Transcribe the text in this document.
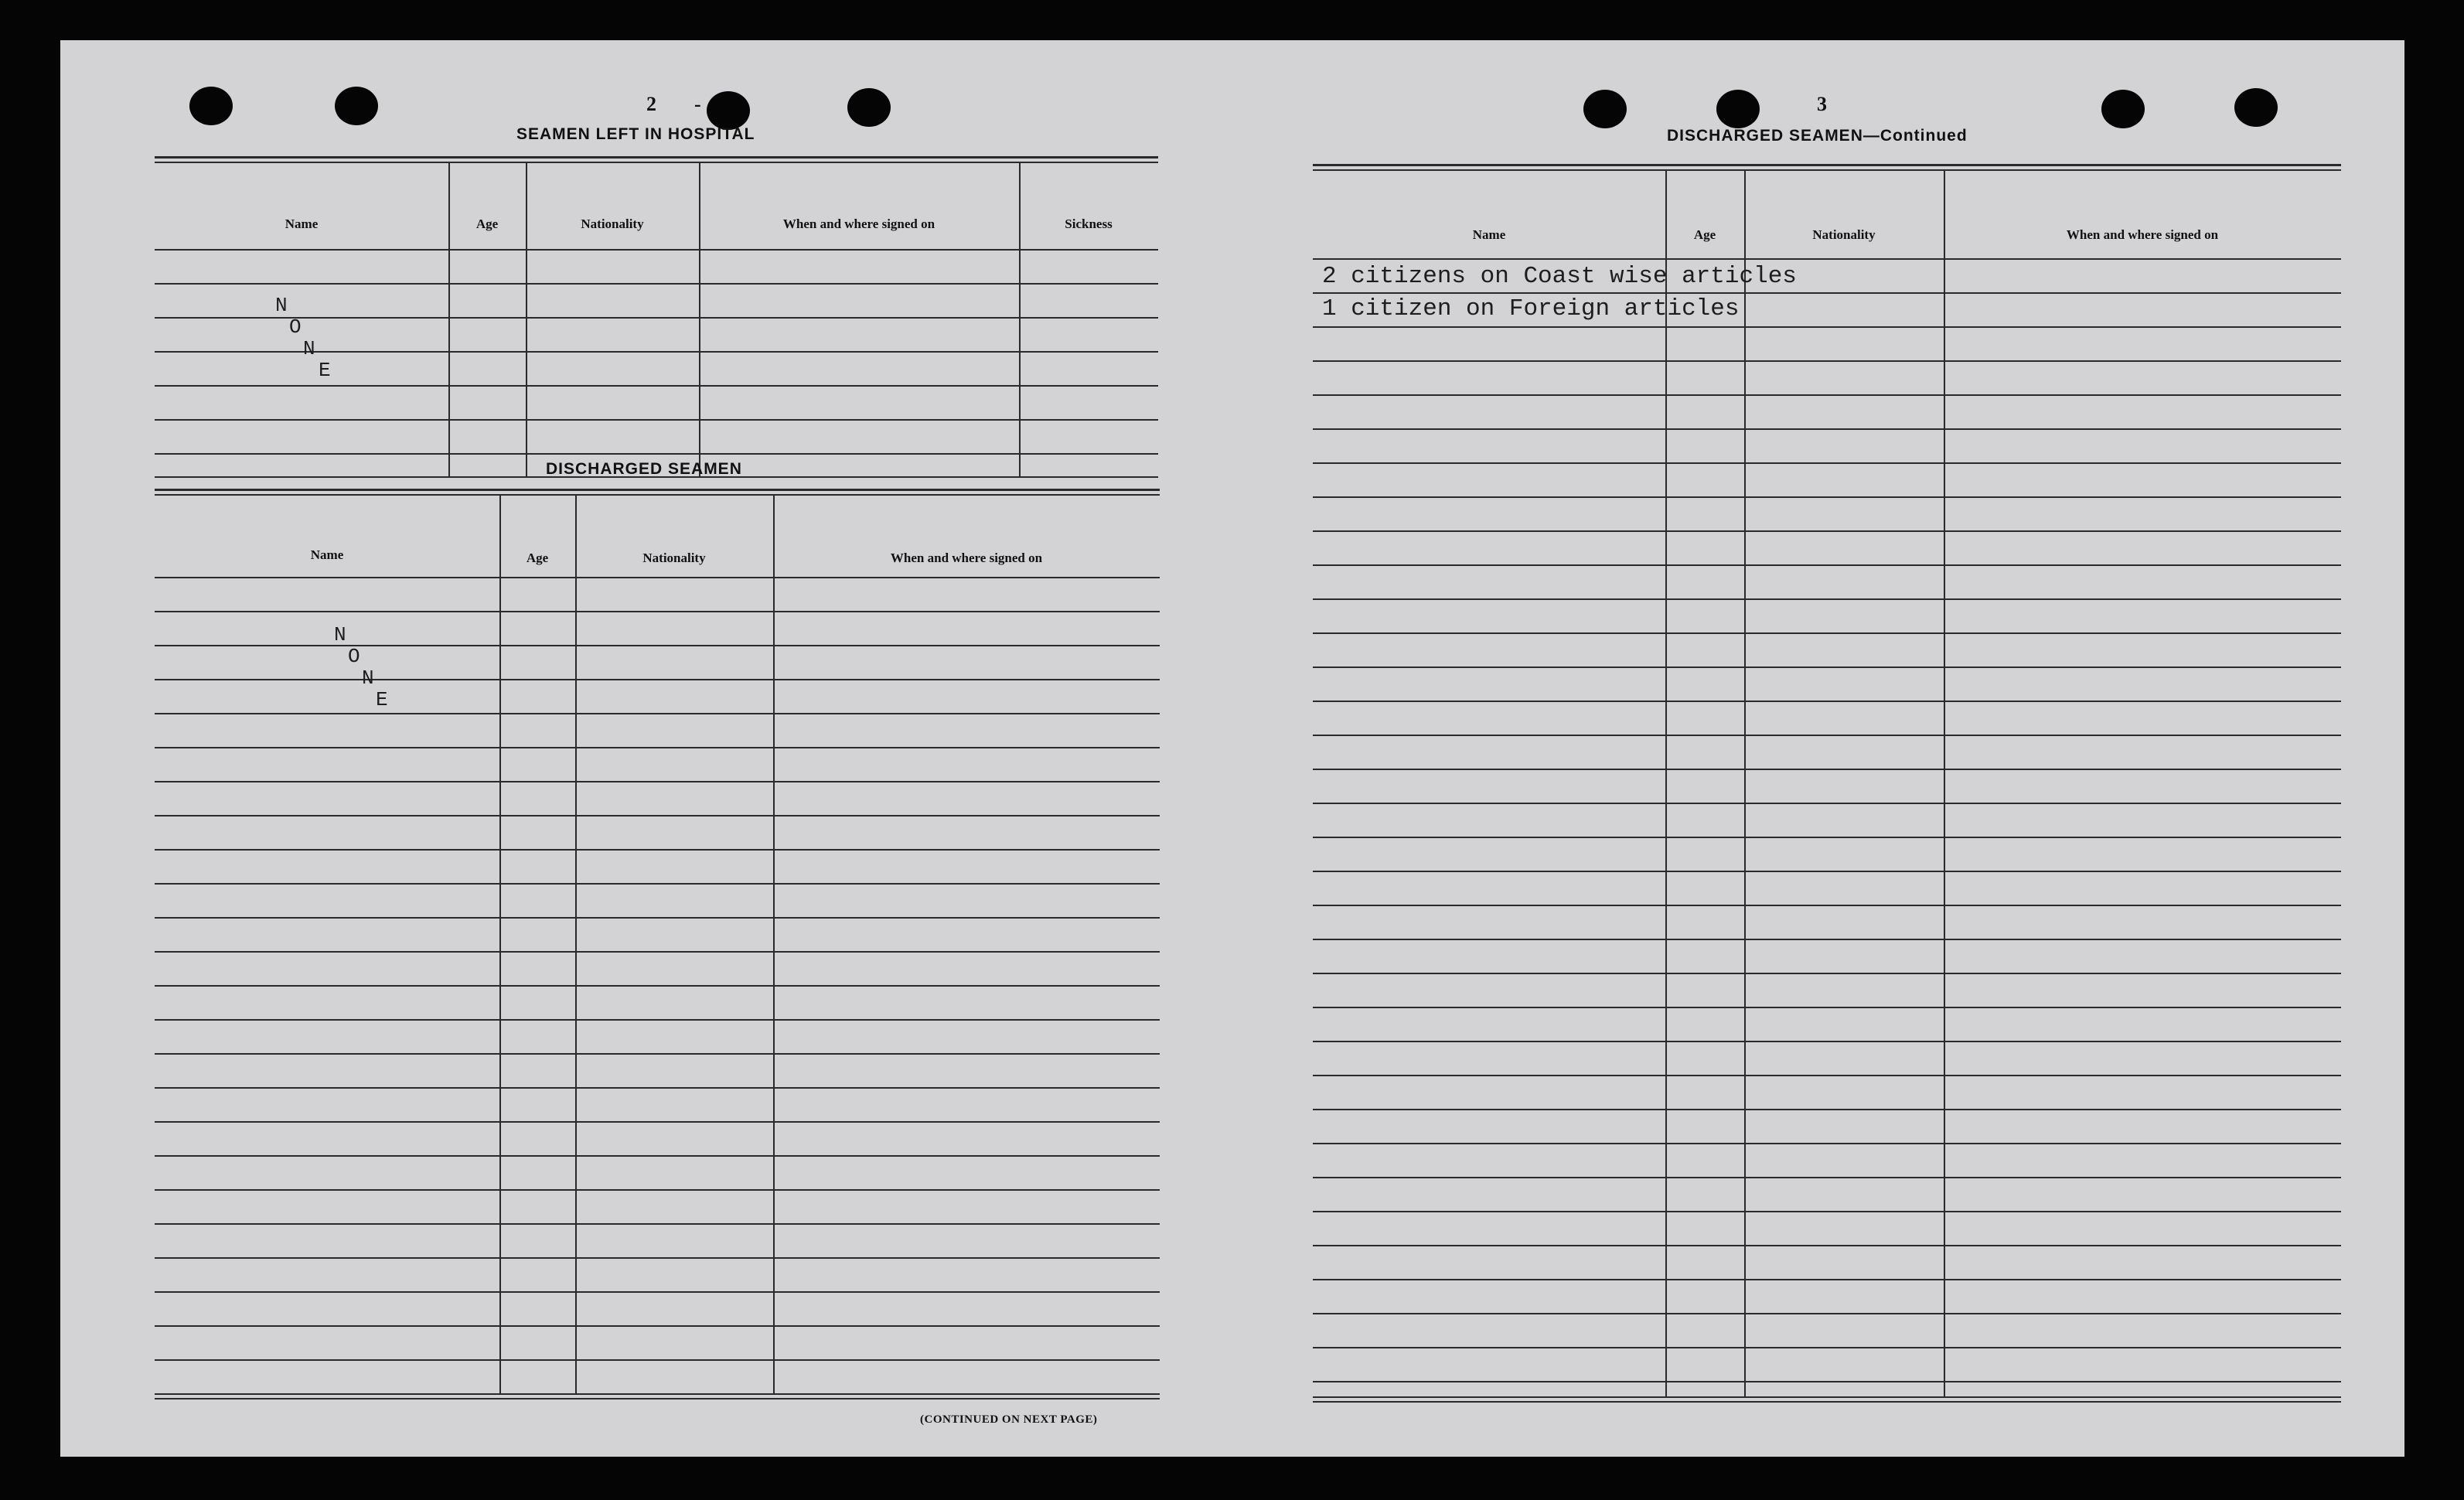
2 -
SEAMEN LEFT IN HOSPITAL
Name	Age	Nationality	When and where signed on	Sickness
N
O
N
E
DISCHARGED SEAMEN
Name	Age	Nationality	When and where signed on
N
O
N
E
(CONTINUED ON NEXT PAGE)
3
DISCHARGED SEAMEN—Continued
Name	Age	Nationality	When and where signed on
2 citizens on Coast wise articles
1 citizen on Foreign articles
